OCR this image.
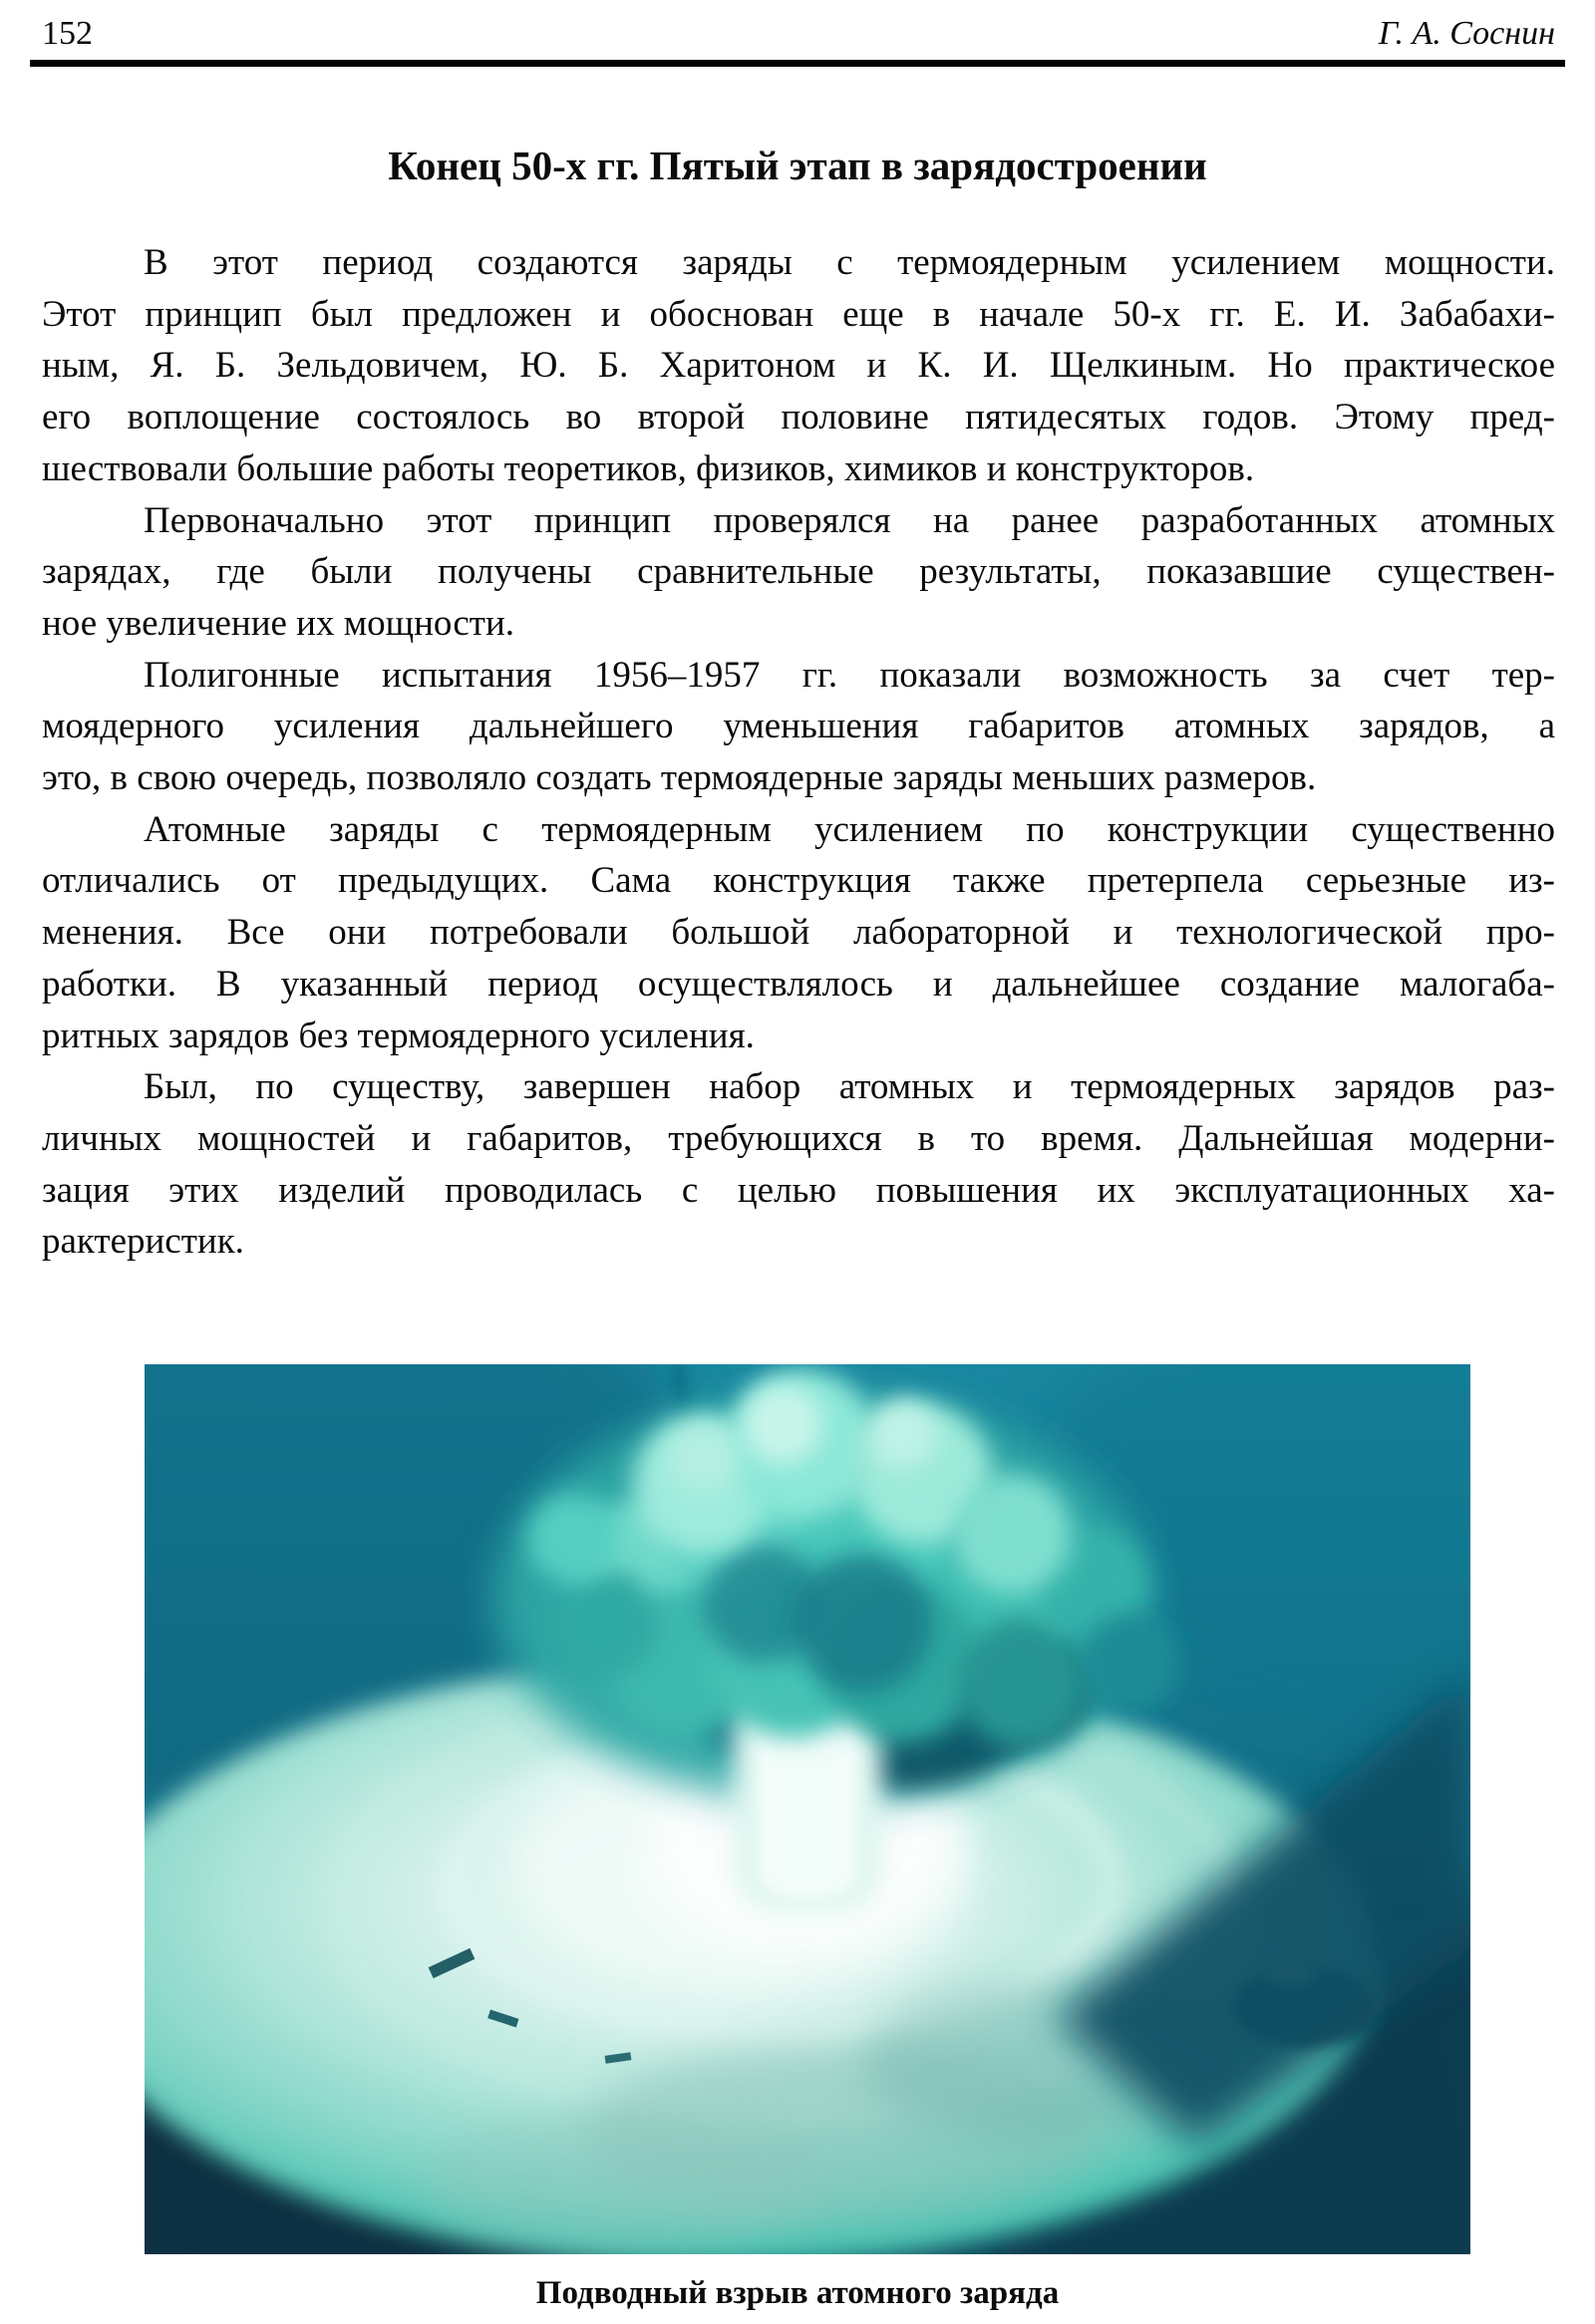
152	Г. А. Соснин
Конец 50-х гг. Пятый этап в зарядостроении
В этот период создаются заряды с термоядерным усилением мощности.
Этот принцип был предложен и обоснован еще в начале 50-х гг. Е. И. Забабахи-
ным, Я. Б. Зельдовичем, Ю. Б. Харитоном и К. И. Щелкиным. Но практическое
его воплощение состоялось во второй половине пятидесятых годов. Этому пред-
шествовали большие работы теоретиков, физиков, химиков и конструкторов.
Первоначально этот принцип проверялся на ранее разработанных атомных
зарядах, где были получены сравнительные результаты, показавшие существен-
ное увеличение их мощности.
Полигонные испытания 1956–1957 гг. показали возможность за счет тер-
моядерного усиления дальнейшего уменьшения габаритов атомных зарядов, а
это, в свою очередь, позволяло создать термоядерные заряды меньших размеров.
Атомные заряды с термоядерным усилением по конструкции существенно
отличались от предыдущих. Сама конструкция также претерпела серьезные из-
менения. Все они потребовали большой лабораторной и технологической про-
работки. В указанный период осуществлялось и дальнейшее создание малогаба-
ритных зарядов без термоядерного усиления.
Был, по существу, завершен набор атомных и термоядерных зарядов раз-
личных мощностей и габаритов, требующихся в то время. Дальнейшая модерни-
зация этих изделий проводилась с целью повышения их эксплуатационных ха-
рактеристик.
Подводный взрыв атомного заряда
